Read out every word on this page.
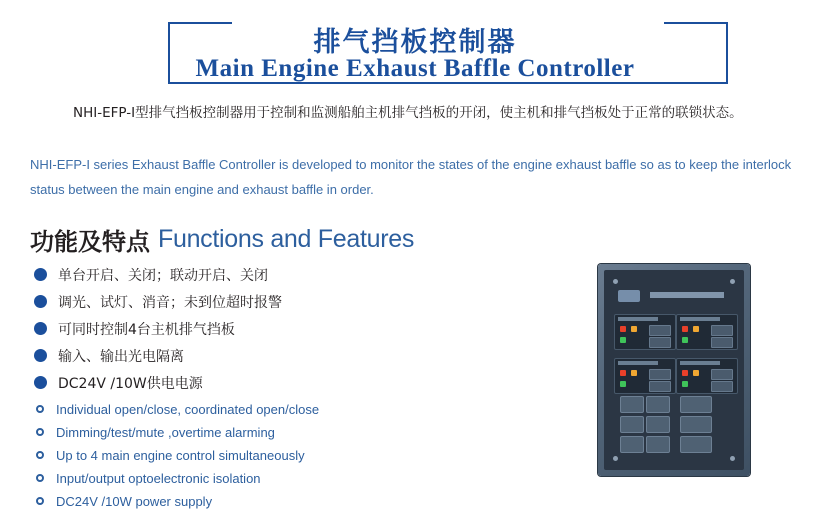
排气挡板控制器
Main Engine Exhaust Baffle Controller
NHI-EFP-Ⅰ型排气挡板控制器用于控制和监测船舶主机排气挡板的开闭，使主机和排气挡板处于正常的联锁状态。
NHI-EFP-I series Exhaust Baffle Controller is developed to monitor the states of the engine exhaust baffle so as to keep the interlock status between the main engine and exhaust baffle in order.
功能及特点 Functions and Features
单台开启、关闭；联动开启、关闭
调光、试灯、消音；未到位超时报警
可同时控制4台主机排气挡板
输入、输出光电隔离
DC24V /10W供电电源
Individual open/close, coordinated open/close
Dimming/test/mute ,overtime alarming
Up to 4 main engine control simultaneously
Input/output optoelectronic isolation
DC24V /10W power supply
